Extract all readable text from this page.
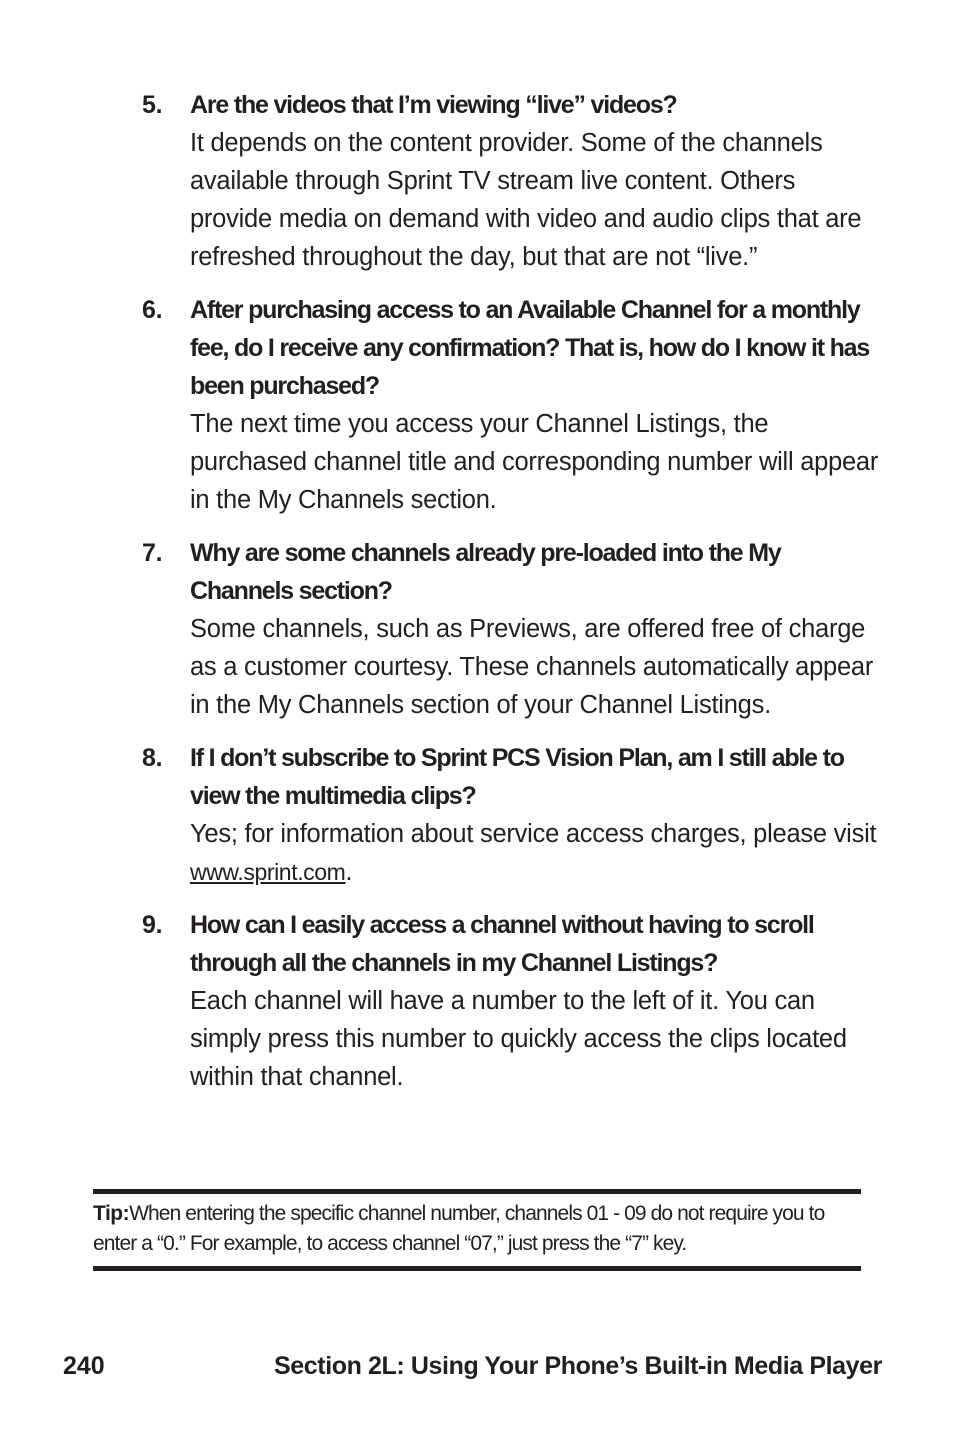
5. Are the videos that I’m viewing “live” videos?

It depends on the content provider. Some of the channels available through Sprint TV stream live content. Others provide media on demand with video and audio clips that are refreshed throughout the day, but that are not “live.”

6. After purchasing access to an Available Channel for a monthly fee, do I receive any confirmation? That is, how do I know it has been purchased?

The next time you access your Channel Listings, the purchased channel title and corresponding number will appear in the My Channels section.

7. Why are some channels already pre-loaded into the My Channels section?

Some channels, such as Previews, are offered free of charge as a customer courtesy. These channels automatically appear in the My Channels section of your Channel Listings.

8. If I don’t subscribe to Sprint PCS Vision Plan, am I still able to view the multimedia clips?

Yes; for information about service access charges, please visit www.sprint.com.

9. How can I easily access a channel without having to scroll through all the channels in my Channel Listings?

Each channel will have a number to the left of it. You can simply press this number to quickly access the clips located within that channel.

Tip:When entering the specific channel number, channels 01 - 09 do not require you to enter a “0.” For example, to access channel “07,” just press the “7” key.
240	Section 2L: Using Your Phone’s Built-in Media Player
